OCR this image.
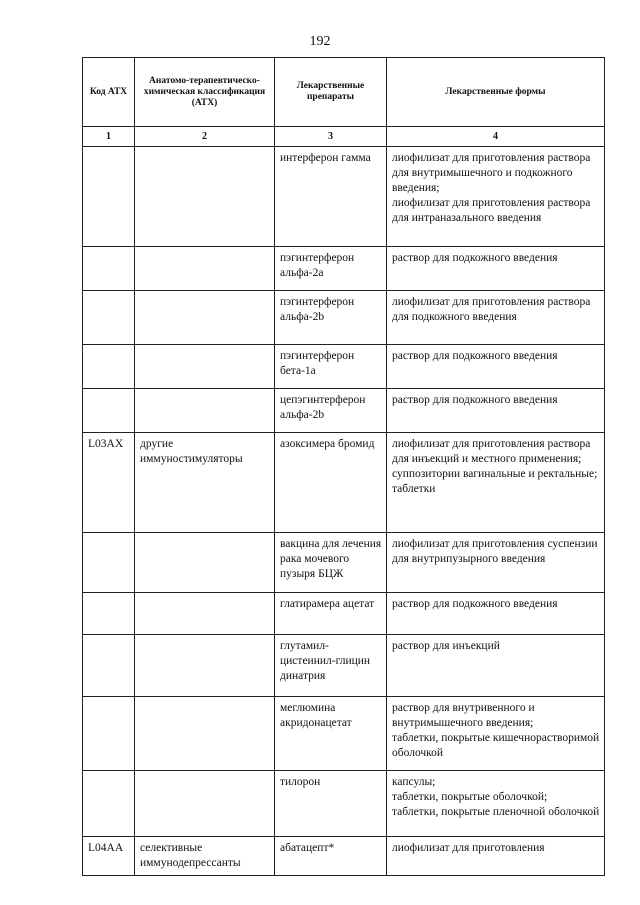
192
Код АТХ	Анатомо-терапевтическо-химическая классификация (АТХ)	Лекарственные препараты	Лекарственные формы
1	2	3	4
		интерферон гамма	лиофилизат для приготовления раствора для внутримышечного и подкожного введения;
лиофилизат для приготовления раствора для интраназального введения

		пэгинтерферон альфа-2a	раствор для подкожного введения

		пэгинтерферон альфа-2b	лиофилизат для приготовления раствора для подкожного введения

		пэгинтерферон бета-1a	раствор для подкожного введения

		цепэгинтерферон альфа-2b	раствор для подкожного введения

L03AX	другие иммуностимуляторы	азоксимера бромид	лиофилизат для приготовления раствора для инъекций и местного применения;
суппозитории вагинальные и ректальные;
таблетки

		вакцина для лечения рака мочевого пузыря БЦЖ	лиофилизат для приготовления суспензии для внутрипузырного введения

		глатирамера ацетат	раствор для подкожного введения

		глутамил-цистеинил-глицин динатрия	раствор для инъекций

		меглюмина акридонацетат	раствор для внутривенного и внутримышечного введения;
таблетки, покрытые кишечнорастворимой оболочкой

		тилорон	капсулы;
таблетки, покрытые оболочкой;
таблетки, покрытые пленочной оболочкой

L04AA	селективные иммунодепрессанты	абатацепт*	лиофилизат для приготовления
